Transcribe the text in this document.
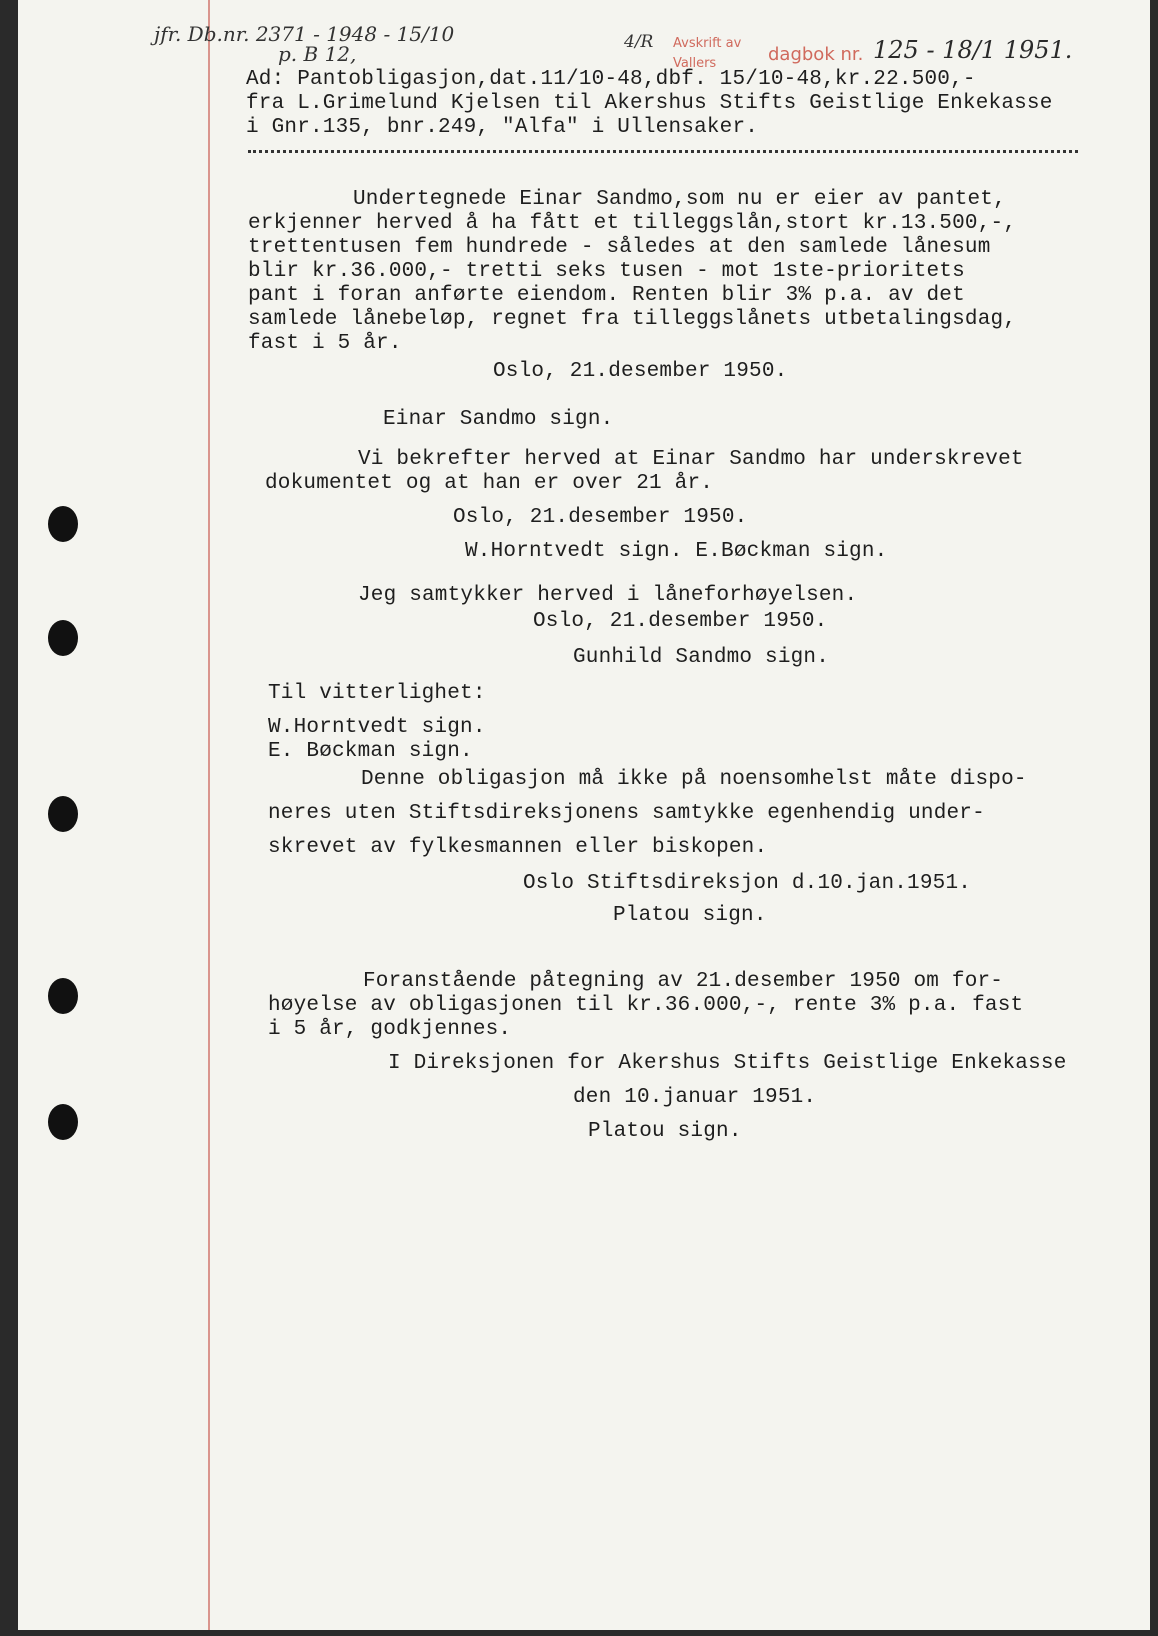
jfr. Db.nr. 2371 - 1948 - 15/10
p. B 12,	4/R Avskrift av
Vallers	dagbok nr. 125 - 18/1 1951.
Ad: Pantobligasjon,dat.11/10-48,dbf. 15/10-48,kr.22.500,-
fra L.Grimelund Kjelsen til Akershus Stifts Geistlige Enkekasse
i Gnr.135, bnr.249, "Alfa" i Ullensaker.
Undertegnede Einar Sandmo,som nu er eier av pantet,
erkjenner herved å ha fått et tilleggslån,stort kr.13.500,-,
trettentusen fem hundrede - således at den samlede lånesum
blir kr.36.000,- tretti seks tusen - mot 1ste-prioritets
pant i foran anførte eiendom. Renten blir 3% p.a. av det
samlede lånebeløp, regnet fra tilleggslånets utbetalingsdag,
fast i 5 år.
Oslo, 21.desember 1950.
Einar Sandmo sign.
Vi bekrefter herved at Einar Sandmo har underskrevet
dokumentet og at han er over 21 år.
Oslo, 21.desember 1950.
W.Horntvedt sign. E.Bøckman sign.
Jeg samtykker herved i låneforhøyelsen.
Oslo, 21.desember 1950.
Gunhild Sandmo sign.
Til vitterlighet:
W.Horntvedt sign.
E. Bøckman sign.
Denne obligasjon må ikke på noensomhelst måte dispo-
neres uten Stiftsdireksjonens samtykke egenhendig under-
skrevet av fylkesmannen eller biskopen.
Oslo Stiftsdireksjon d.10.jan.1951.
Platou sign.
Foranstående påtegning av 21.desember 1950 om for-
høyelse av obligasjonen til kr.36.000,-, rente 3% p.a. fast
i 5 år, godkjennes.
I Direksjonen for Akershus Stifts Geistlige Enkekasse
den 10.januar 1951.
Platou sign.
